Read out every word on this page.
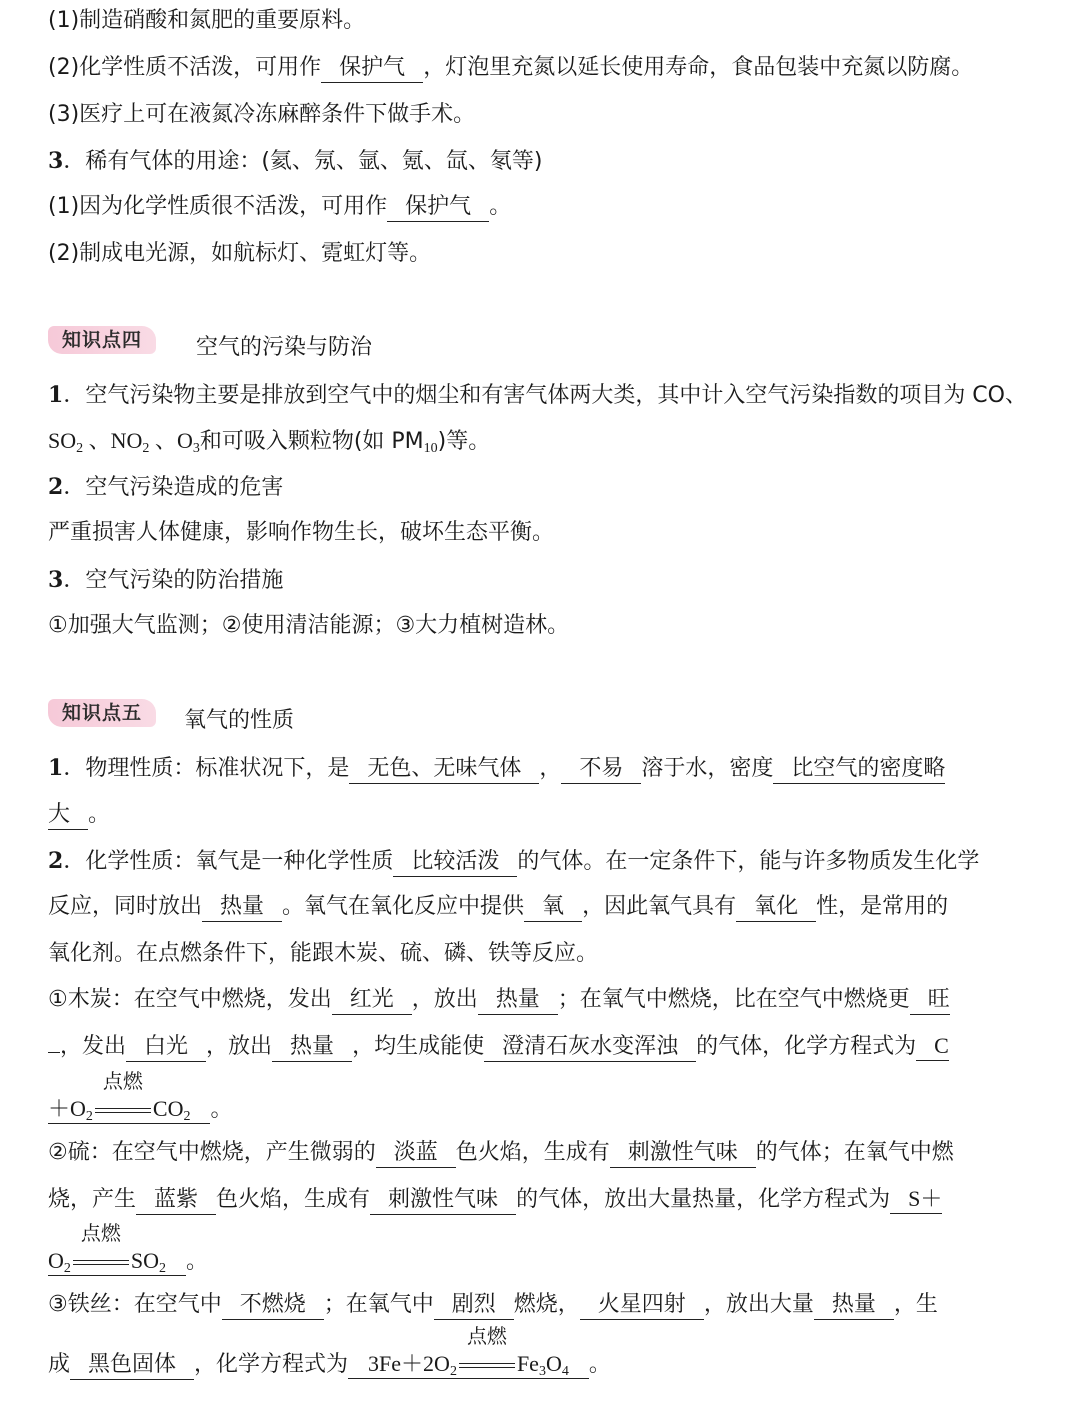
(1)制造硝酸和氮肥的重要原料。
(2)化学性质不活泼，可用作 保护气 ，灯泡里充氮以延长使用寿命，食品包装中充氮以防腐。
(3)医疗上可在液氮冷冻麻醉条件下做手术。
3．稀有气体的用途：(氦、氖、氩、氪、氙、氡等)
(1)因为化学性质很不活泼，可用作 保护气 。
(2)制成电光源，如航标灯、霓虹灯等。
知识点四	空气的污染与防治
1．空气污染物主要是排放到空气中的烟尘和有害气体两大类，其中计入空气污染指数的项目为 CO、
$SO_2$ 、$NO_2$ 、$O_3$和可吸入颗粒物(如 $PM_{10}$)等。
2．空气污染造成的危害
严重损害人体健康，影响作物生长，破坏生态平衡。
3．空气污染的防治措施
①加强大气监测；②使用清洁能源；③大力植树造林。
知识点五	氧气的性质
1．物理性质：标准状况下，是 无色、无味气体 ， 不易 溶于水，密度 比空气的密度略
大 。
2．化学性质：氧气是一种化学性质 比较活泼 的气体。在一定条件下，能与许多物质发生化学
反应，同时放出 热量 。氧气在氧化反应中提供 氧 ，因此氧气具有 氧化 性，是常用的
氧化剂。在点燃条件下，能跟木炭、硫、磷、铁等反应。
①木炭：在空气中燃烧，发出 红光 ，放出 热量 ；在氧气中燃烧，比在空气中燃烧更 旺
，发出 白光 ，放出 热量 ，均生成能使 澄清石灰水变浑浊 的气体，化学方程式为 C
$+O_2$
点燃
$CO_2$ 。
②硫：在空气中燃烧，产生微弱的 淡蓝 色火焰，生成有 刺激性气味 的气体；在氧气中燃
烧，产生 蓝紫 色火焰，生成有 刺激性气味 的气体，放出大量热量，化学方程式为 S＋
$O_2$
点燃
$SO_2$ 。
③铁丝：在空气中 不燃烧 ；在氧气中 剧烈 燃烧， 火星四射 ，放出大量 热量 ，生
成 黑色固体 ，化学方程式为 $3Fe+2O_2$
点燃
$Fe_3O_4$ 。
